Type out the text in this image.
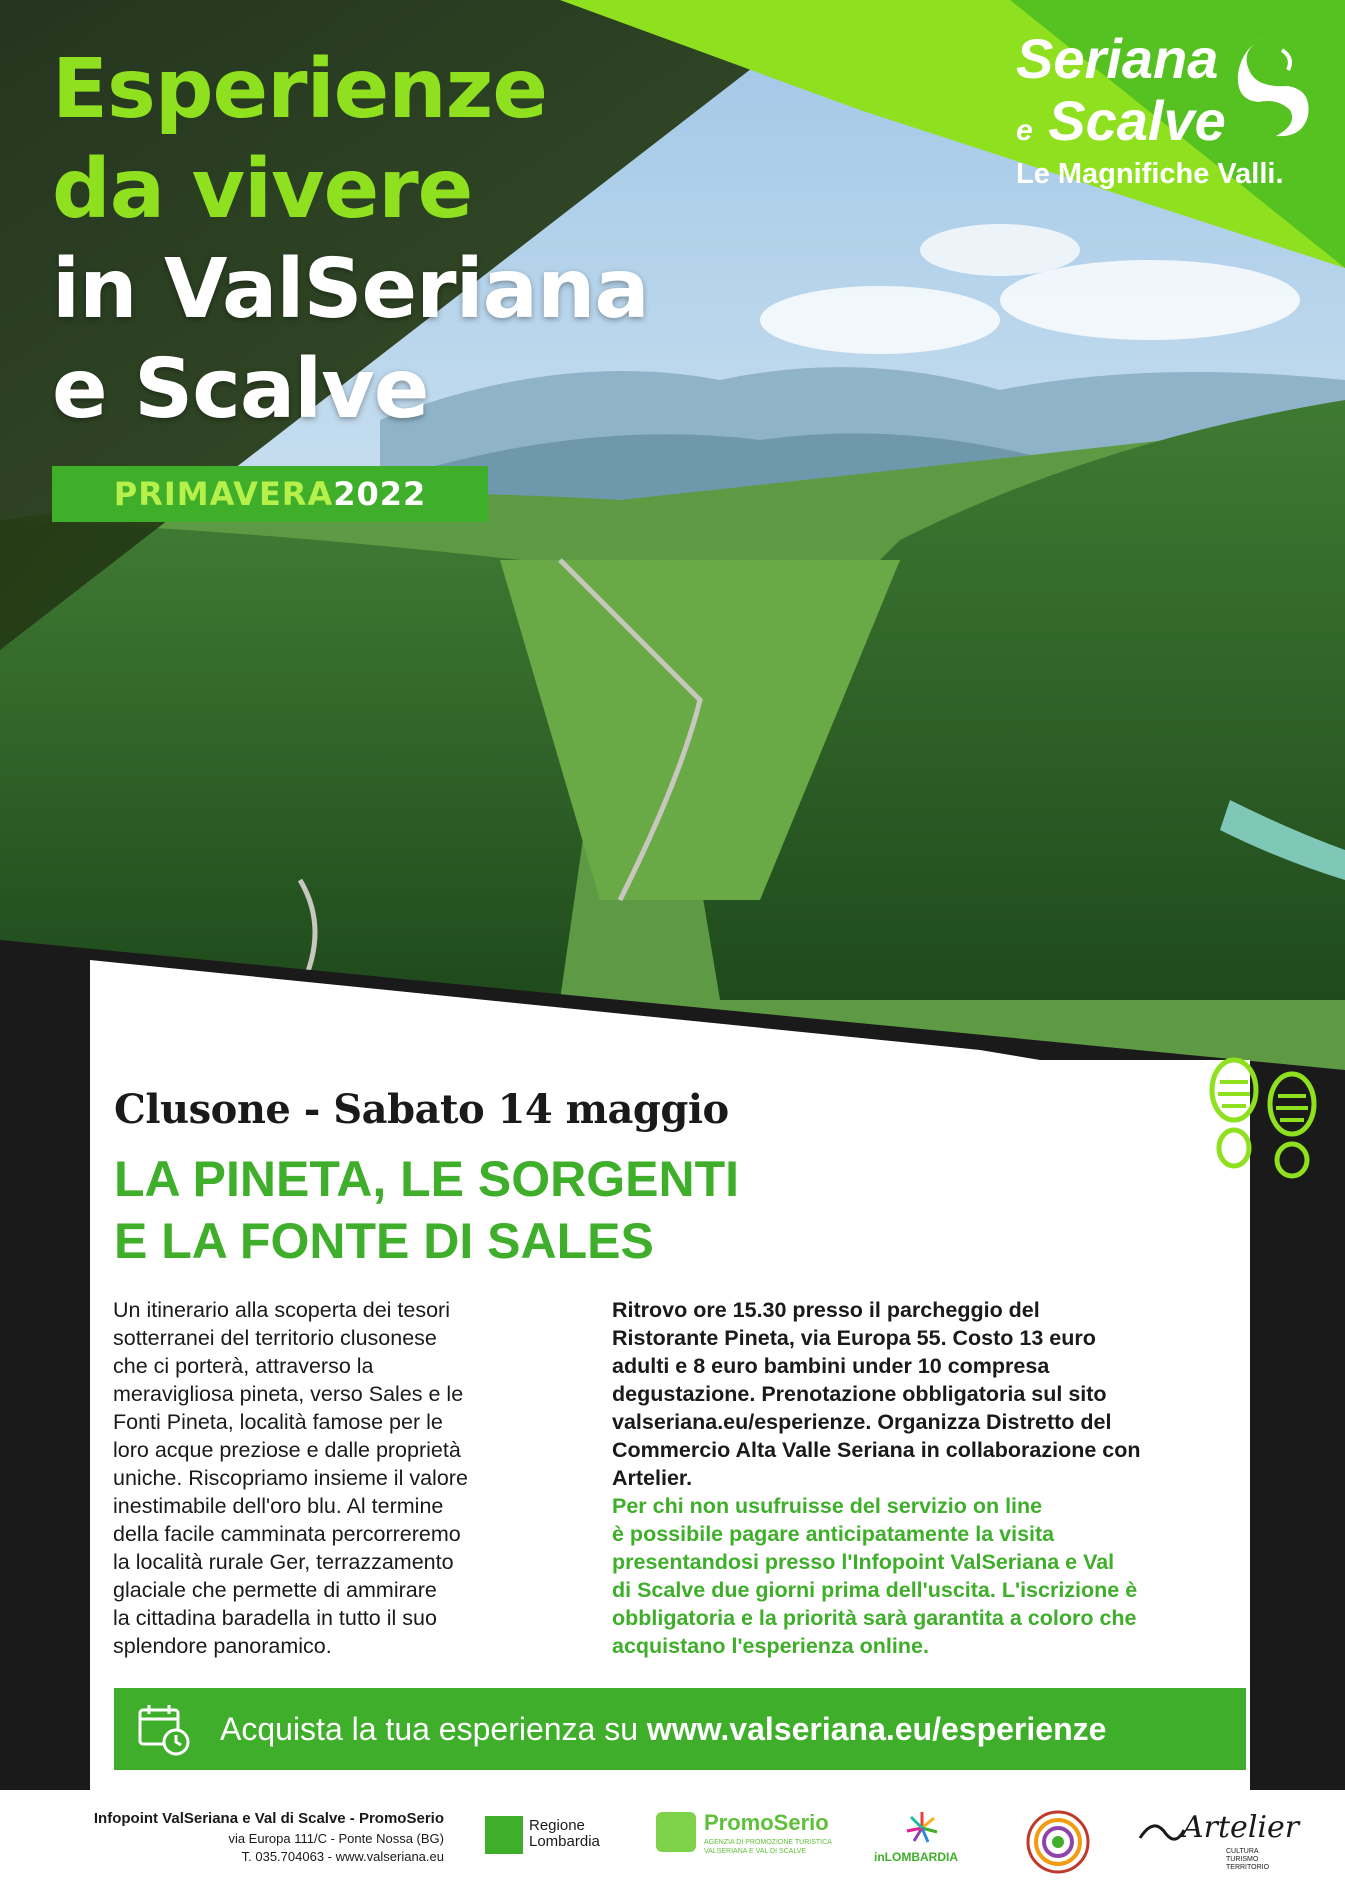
Esperienze
da vivere
in ValSeriana
e Scalve
PRIMAVERA2022
Seriana
e Scalve
Le Magnifiche Valli.
Clusone - Sabato 14 maggio
LA PINETA, LE SORGENTI
E LA FONTE DI SALES
Un itinerario alla scoperta dei tesori
sotterranei del territorio clusonese
che ci porterà, attraverso la
meravigliosa pineta, verso Sales e le
Fonti Pineta, località famose per le
loro acque preziose e dalle proprietà
uniche. Riscopriamo insieme il valore
inestimabile dell'oro blu. Al termine
della facile camminata percorreremo
la località rurale Ger, terrazzamento
glaciale che permette di ammirare
la cittadina baradella in tutto il suo
splendore panoramico.
Ritrovo ore 15.30 presso il parcheggio del
Ristorante Pineta, via Europa 55. Costo 13 euro
adulti e 8 euro bambini under 10 compresa
degustazione. Prenotazione obbligatoria sul sito
valseriana.eu/esperienze. Organizza Distretto del
Commercio Alta Valle Seriana in collaborazione con
Artelier.
Per chi non usufruisse del servizio on line
è possibile pagare anticipatamente la visita
presentandosi presso l'Infopoint ValSeriana e Val
di Scalve due giorni prima dell'uscita. L'iscrizione è
obbligatoria e la priorità sarà garantita a coloro che
acquistano l'esperienza online.
Acquista la tua esperienza su www.valseriana.eu/esperienze
Infopoint ValSeriana e Val di Scalve - PromoSerio
via Europa 111/C - Ponte Nossa (BG)
T. 035.704063 - www.valseriana.eu
Regione
Lombardia
PromoSerio
AGENZIA DI PROMOZIONE TURISTICA
VALSERIANA E VAL DI SCALVE	inLOMBARDIA
Artelier
CULTURA
TURISMO
TERRITORIO
